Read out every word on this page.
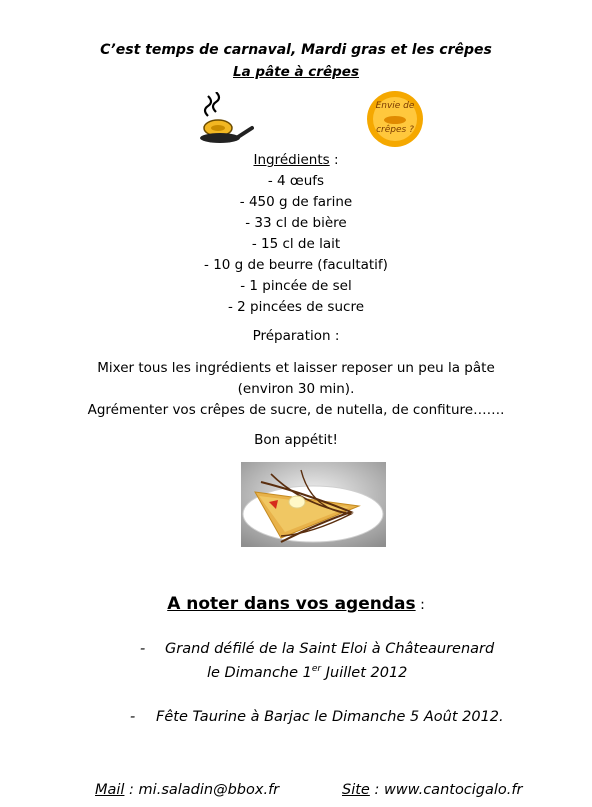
C’est temps de carnaval, Mardi gras et les crêpes
La pâte à crêpes
Envie de
crêpes ?
Ingrédients :
- 4 œufs
- 450 g de farine
- 33 cl de bière
- 15 cl de lait
- 10 g de beurre (facultatif)
- 1 pincée de sel
- 2 pincées de sucre
Préparation :
Mixer tous les ingrédients et laisser reposer un peu la pâte
(environ 30 min).
Agrémenter vos crêpes de sucre, de nutella, de confiture…….
Bon appétit!
A noter dans vos agendas :
- Grand défilé de la Saint Eloi à Châteaurenard
le Dimanche 1er Juillet 2012
- Fête Taurine à Barjac le Dimanche 5 Août 2012.
Mail : mi.saladin@bbox.fr	Site : www.cantocigalo.fr
